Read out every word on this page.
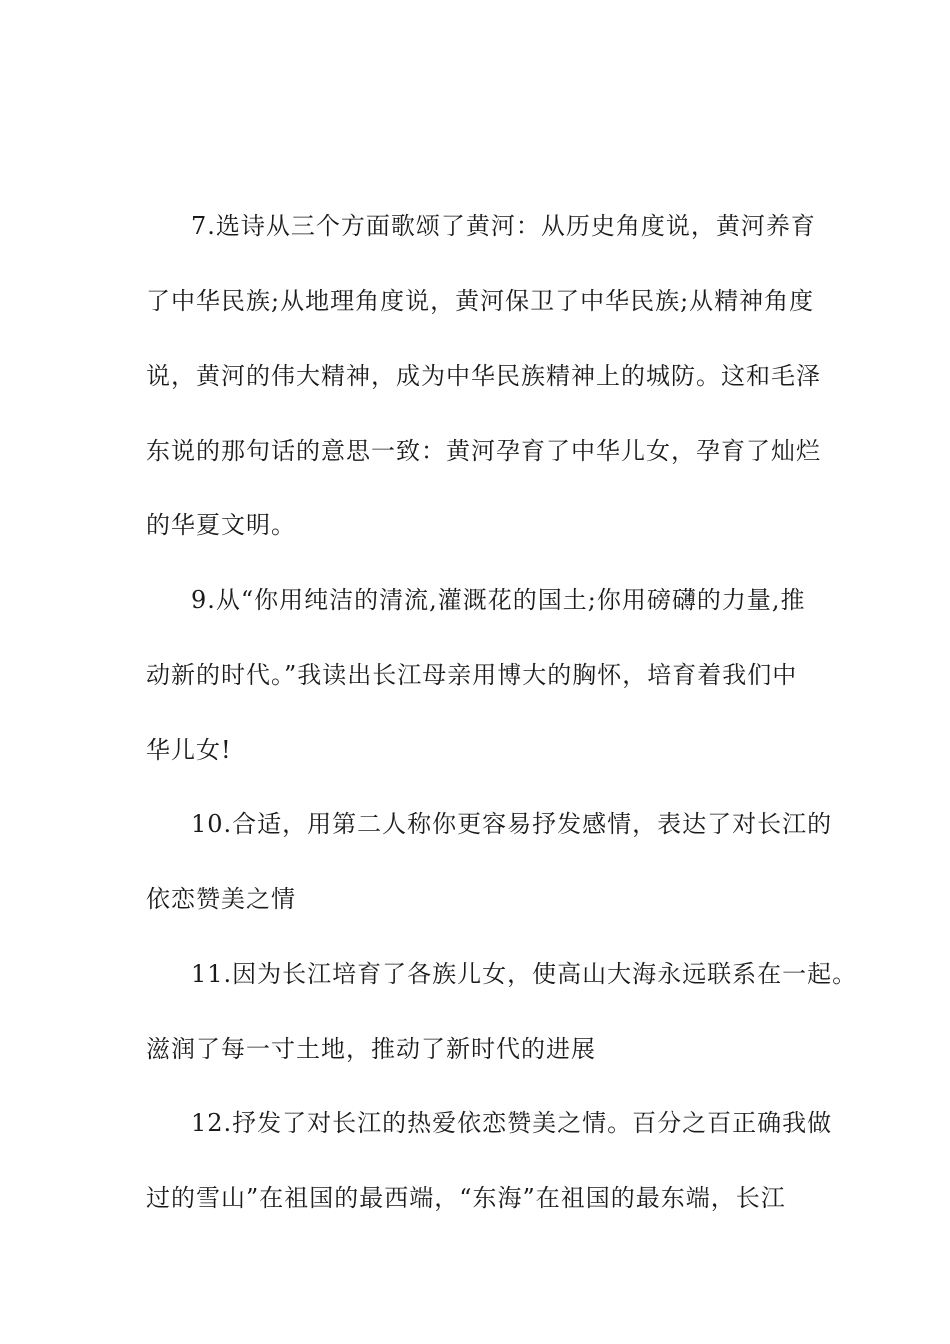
7.选诗从三个方面歌颂了黄河：从历史角度说，黄河养育
了中华民族;从地理角度说，黄河保卫了中华民族;从精神角度
说，黄河的伟大精神，成为中华民族精神上的城防。这和毛泽
东说的那句话的意思一致：黄河孕育了中华儿女，孕育了灿烂
的华夏文明。
9.从“你用纯洁的清流,灌溉花的国土;你用磅礴的力量,推
动新的时代。”我读出长江母亲用博大的胸怀，培育着我们中
华儿女!
10.合适，用第二人称你更容易抒发感情，表达了对长江的
依恋赞美之情
11.因为长江培育了各族儿女，使高山大海永远联系在一起。
滋润了每一寸土地，推动了新时代的进展
12.抒发了对长江的热爱依恋赞美之情。百分之百正确我做
过的雪山”在祖国的最西端，“东海”在祖国的最东端，长江
